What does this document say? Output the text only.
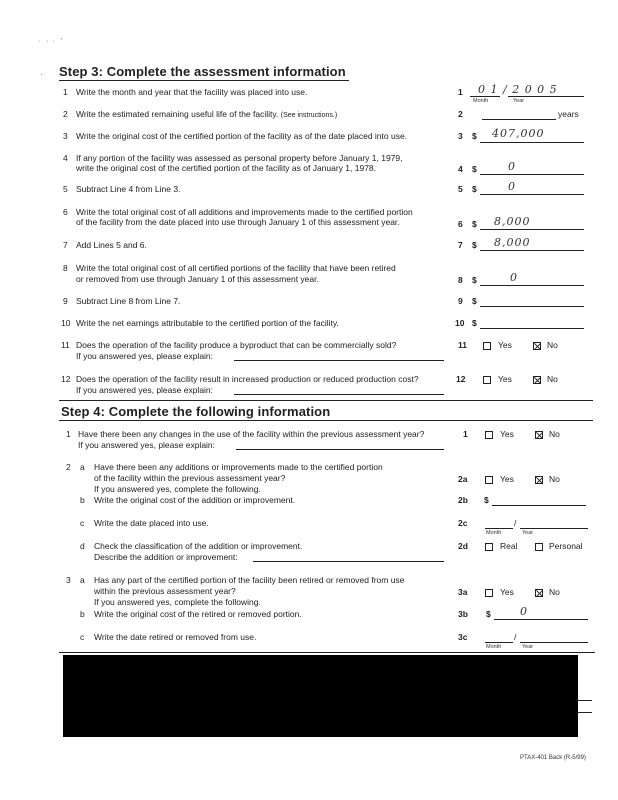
·   ·  ·   '
· Step 3: Complete the assessment information
1 Write the month and year that the facility was placed into use.	1 0 1 / 2 0 0 5
Month	Year
2 Write the estimated remaining useful life of the facility. (See instructions.)	2	years
3 Write the original cost of the certified portion of the facility as of the date placed into use.	3 $ 407,000
4 If any portion of the facility was assessed as personal property before January 1, 1979,
write the original cost of the certified portion of the facility as of January 1, 1978.	4 $	0
5 Subtract Line 4 from Line 3.	5 $	0
6 Write the total original cost of all additions and improvements made to the certified portion
of the facility from the date placed into use through January 1 of this assessment year.	6 $ 8,000
7 Add Lines 5 and 6.	7 $ 8,000
8 Write the total original cost of all certified portions of the facility that have been retired
or removed from use through January 1 of this assessment year.	8 $	0
9 Subtract Line 8 from Line 7.	9 $
10 Write the net earnings attributable to the certified portion of the facility.	10 $
11 Does the operation of the facility produce a byproduct that can be commercially sold?
If you answered yes, please explain:
11	Yes	No
12 Does the operation of the facility result in increased production or reduced production cost?
If you answered yes, please explain:
12	Yes	No
Step 4: Complete the following information
1 Have there been any changes in the use of the facility within the previous assessment year?
If you answered yes, please explain:
1	Yes	No
2 a Have there been any additions or improvements made to the certified portion
of the facility within the previous assessment year?
If you answered yes, complete the following.
2a	Yes	No
b Write the original cost of the addition or improvement.	2b $
c Write the date placed into use.	2c	/
Month	Year
d Check the classification of the addition or improvement.
Describe the addition or improvement:
2d	Real	Personal
3 a Has any part of the certified portion of the facility been retired or removed from use
within the previous assessment year?
If you answered yes, complete the following.
3a	Yes	No
b Write the original cost of the retired or removed portion.	3b $	0
c Write the date retired or removed from use.	3c	/
Month	Year
PTAX-401 Back (R-5/99)
